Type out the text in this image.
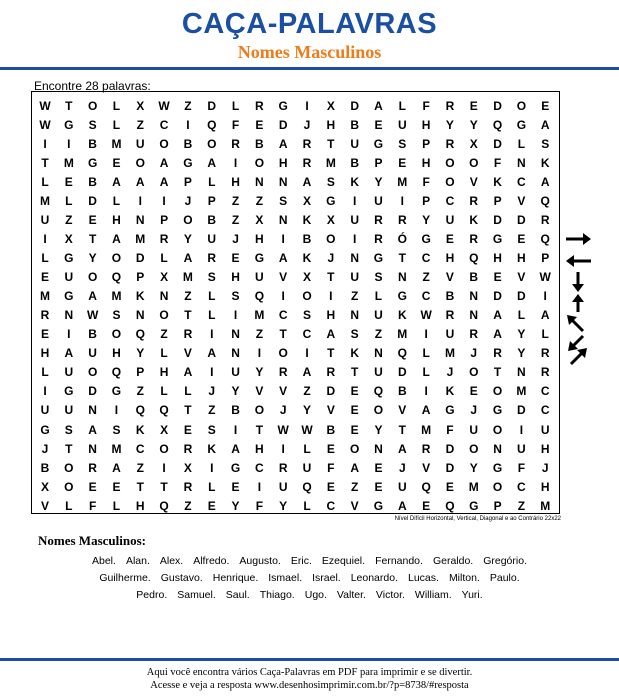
CAÇA-PALAVRAS
Nomes Masculinos
Encontre 28 palavras:
W	T	O	L	X	W	Z	D	L	R	G	I	X	D	A	L	F	R	E	D	O	E
W	G	S	L	Z	C	I	Q	F	E	D	J	H	B	E	U	H	Y	Y	Q	G	A
I	I	B	M	U	O	B	O	R	B	A	R	T	U	G	S	P	R	X	D	L	S
T	M	G	E	O	A	G	A	I	O	H	R	M	B	P	E	H	O	O	F	N	K
L	E	B	A	A	A	P	L	H	N	N	A	S	K	Y	M	F	O	V	K	C	A
M	L	D	L	I	I	J	P	Z	Z	S	X	G	I	U	I	P	C	R	P	V	Q
U	Z	E	H	N	P	O	B	Z	X	N	K	X	U	R	R	Y	U	K	D	D	R
I	X	T	A	M	R	Y	U	J	H	I	B	O	I	R	Ó	G	E	R	G	E	Q
L	G	Y	O	D	L	A	R	E	G	A	K	J	N	G	T	C	H	Q	H	H	P
E	U	O	Q	P	X	M	S	H	U	V	X	T	U	S	N	Z	V	B	E	V	W
M	G	A	M	K	N	Z	L	S	Q	I	O	I	Z	L	G	C	B	N	D	D	I
R	N	W	S	N	O	T	L	I	M	C	S	H	N	U	K	W	R	N	A	L	A
E	I	B	O	Q	Z	R	I	N	Z	T	C	A	S	Z	M	I	U	R	A	Y	L
H	A	U	H	Y	L	V	A	N	I	O	I	T	K	N	Q	L	M	J	R	Y	R
L	U	O	Q	P	H	A	I	U	Y	R	A	R	T	U	D	L	J	O	T	N	R
I	G	D	G	Z	L	L	J	Y	V	V	Z	D	E	Q	B	I	K	E	O	M	C
U	U	N	I	Q	Q	T	Z	B	O	J	Y	V	E	O	V	A	G	J	G	D	C
G	S	A	S	K	X	E	S	I	T	W	W	B	E	Y	T	M	F	U	O	I	U
J	T	N	M	C	O	R	K	A	H	I	L	E	O	N	A	R	D	O	N	U	H
B	O	R	A	Z	I	X	I	G	C	R	U	F	A	E	J	V	D	Y	G	F	J
X	O	E	E	T	T	R	L	E	I	U	Q	E	Z	E	U	Q	E	M	O	C	H
V	L	F	L	H	Q	Z	E	Y	F	Y	L	C	V	G	A	E	Q	G	P	Z	M
Nível Difícil Horizontal, Vertical, Diagonal e ao Contrário 22x22
Nomes Masculinos:
Abel. Alan. Alex. Alfredo. Augusto. Eric. Ezequiel. Fernando. Geraldo. Gregório.
Guilherme. Gustavo. Henrique. Ismael. Israel. Leonardo. Lucas. Milton. Paulo.
Pedro. Samuel. Saul. Thiago. Ugo. Valter. Victor. William. Yuri.
Aqui você encontra vários Caça-Palavras em PDF para imprimir e se divertir.
Acesse e veja a resposta www.desenhosimprimir.com.br/?p=8738/#resposta
